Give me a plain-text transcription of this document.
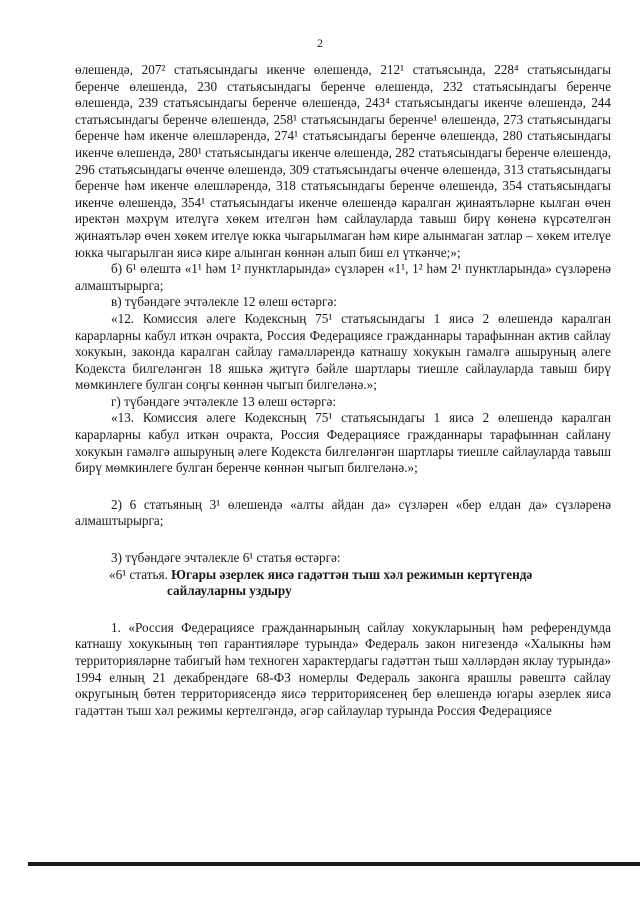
2

өлешендә, 207² статьясындагы икенче өлешендә, 212¹ статьясында, 228⁴ статьясындагы беренче өлешендә, 230 статьясындагы беренче өлешендә, 232 статьясындагы беренче өлешендә, 239 статьясындагы беренче өлешендә, 243⁴ статьясындагы икенче өлешендә, 244 статьясындагы беренче өлешендә, 258¹ статьясындагы беренче¹ өлешендә, 273 статьясындагы беренче һәм икенче өлешләрендә, 274¹ статьясындагы беренче өлешендә, 280 статьясындагы икенче өлешендә, 280¹ статьясындагы икенче өлешендә, 282 статьясындагы беренче өлешендә, 296 статьясындагы өченче өлешендә, 309 статьясындагы өченче өлешендә, 313 статьясындагы беренче һәм икенче өлешләрендә, 318 статьясындагы беренче өлешендә, 354 статьясындагы икенче өлешендә, 354¹ статьясындагы икенче өлешендә каралган җинаятьләрне кылган өчен иректән мәхрүм ителүгә хөкем ителгән һәм сайлауларда тавыш бирү көненә күрсәтелгән җинаятьләр өчен хөкем ителүе юкка чыгарылмаган һәм кире алынмаган затлар – хөкем ителүе юкка чыгарылган яисә кире алынган көннән алып биш ел үткәнче;»;

б) 6¹ өлештә «1¹ һәм 1² пунктларында» сүзләрен «1¹, 1² һәм 2¹ пунктларында» сүзләренә алмаштырырга;

в) түбәндәге эчтәлекле 12 өлеш өстәргә:

«12. Комиссия әлеге Кодексның 75¹ статьясындагы 1 яисә 2 өлешендә каралган карарларны кабул иткән очракта, Россия Федерациясе гражданнары тарафыннан актив сайлау хокукын, законда каралган сайлау гамәлләрендә катнашу хокукын гамәлгә ашыруның әлеге Кодекста билгеләнгән 18 яшькә җитүгә бәйле шартлары тиешле сайлауларда тавыш бирү мөмкинлеге булган соңгы көннән чыгып билгеләнә.»;

г) түбәндәге эчтәлекле 13 өлеш өстәргә:

«13. Комиссия әлеге Кодексның 75¹ статьясындагы 1 яисә 2 өлешендә каралган карарларны кабул иткән очракта, Россия Федерациясе гражданнары тарафыннан сайлану хокукын гамәлгә ашыруның әлеге Кодекста билгеләнгән шартлары тиешле сайлауларда тавыш бирү мөмкинлеге булган беренче көннән чыгып билгеләнә.»;

2) 6 статьяның 3¹ өлешендә «алты айдан да» сүзләрен «бер елдан да» сүзләренә алмаштырырга;

3) түбәндәге эчтәлекле 6¹ статья өстәргә:

«6¹ статья. Югары әзерлек яисә гадәттән тыш хәл режимын кертүгендә
сайлауларны уздыру

1. «Россия Федерациясе гражданнарының сайлау хокукларының һәм референдумда катнашу хокукының төп гарантияләре турында» Федераль закон нигезендә «Халыкны һәм территорияләрне табигый һәм техноген характердагы гадәттән тыш хәлләрдән яклау турында» 1994 елның 21 декабрендәге 68-ФЗ номерлы Федераль законга ярашлы рәвештә сайлау округының бөтен территориясендә яисә территориясенең бер өлешендә югары әзерлек яисә гадәттән тыш хәл режимы кертелгәндә, әгәр сайлаулар турында Россия Федерациясе
